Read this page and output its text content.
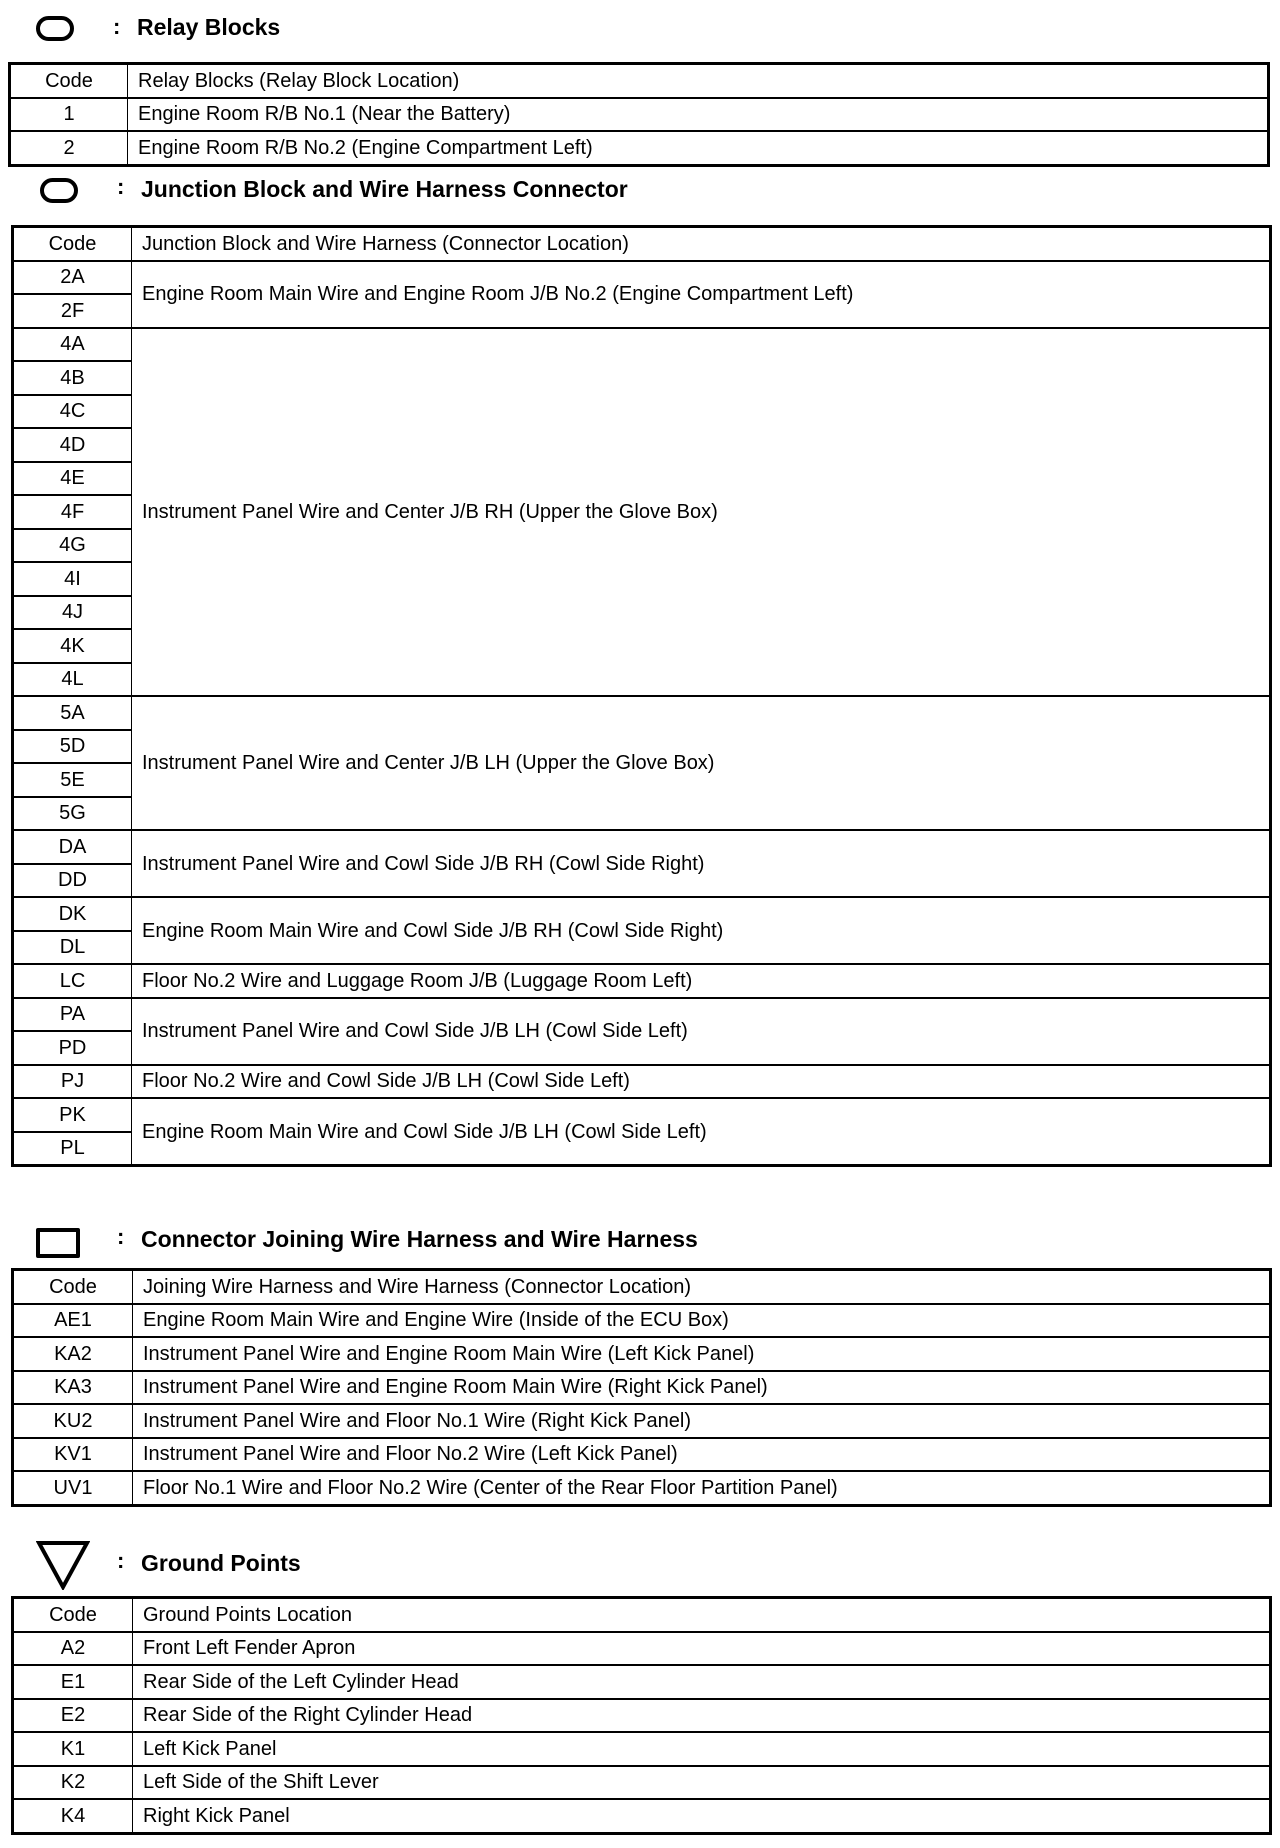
: Relay Blocks
Code	Relay Blocks (Relay Block Location)
1	Engine Room R/B No.1 (Near the Battery)
2	Engine Room R/B No.2 (Engine Compartment Left)
: Junction Block and Wire Harness Connector
Code	Junction Block and Wire Harness (Connector Location)
2A	Engine Room Main Wire and Engine Room J/B No.2 (Engine Compartment Left)
2F	
4A	Instrument Panel Wire and Center J/B RH (Upper the Glove Box)
4B	
4C	
4D	
4E	
4F	
4G	
4I	
4J	
4K	
4L	
5A	Instrument Panel Wire and Center J/B LH (Upper the Glove Box)
5D	
5E	
5G	
DA	Instrument Panel Wire and Cowl Side J/B RH (Cowl Side Right)
DD	
DK	Engine Room Main Wire and Cowl Side J/B RH (Cowl Side Right)
DL	
LC	Floor No.2 Wire and Luggage Room J/B (Luggage Room Left)
PA	Instrument Panel Wire and Cowl Side J/B LH (Cowl Side Left)
PD	
PJ	Floor No.2 Wire and Cowl Side J/B LH (Cowl Side Left)
PK	Engine Room Main Wire and Cowl Side J/B LH (Cowl Side Left)
PL	
: Connector Joining Wire Harness and Wire Harness
Code	Joining Wire Harness and Wire Harness (Connector Location)
AE1	Engine Room Main Wire and Engine Wire (Inside of the ECU Box)
KA2	Instrument Panel Wire and Engine Room Main Wire (Left Kick Panel)
KA3	Instrument Panel Wire and Engine Room Main Wire (Right Kick Panel)
KU2	Instrument Panel Wire and Floor No.1 Wire (Right Kick Panel)
KV1	Instrument Panel Wire and Floor No.2 Wire (Left Kick Panel)
UV1	Floor No.1 Wire and Floor No.2 Wire (Center of the Rear Floor Partition Panel)
: Ground Points
Code	Ground Points Location
A2	Front Left Fender Apron
E1	Rear Side of the Left Cylinder Head
E2	Rear Side of the Right Cylinder Head
K1	Left Kick Panel
K2	Left Side of the Shift Lever
K4	Right Kick Panel
